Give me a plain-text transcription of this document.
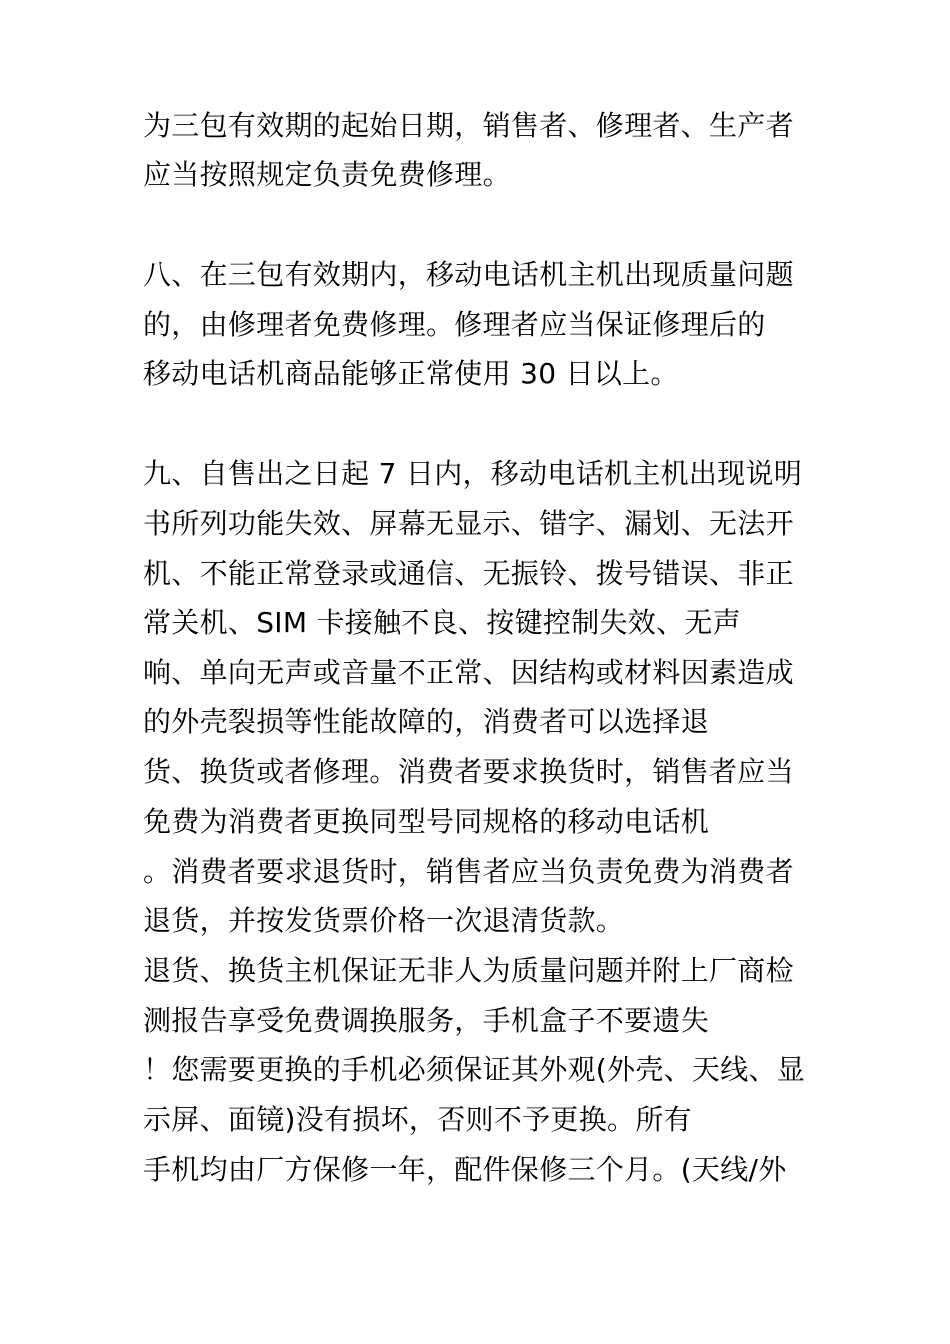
为三包有效期的起始日期，销售者、修理者、生产者
应当按照规定负责免费修理。
八、在三包有效期内，移动电话机主机出现质量问题
的，由修理者免费修理。修理者应当保证修理后的
移动电话机商品能够正常使用 30 日以上。
九、自售出之日起 7 日内，移动电话机主机出现说明
书所列功能失效、屏幕无显示、错字、漏划、无法开
机、不能正常登录或通信、无振铃、拨号错误、非正
常关机、SIM 卡接触不良、按键控制失效、无声
响、单向无声或音量不正常、因结构或材料因素造成
的外壳裂损等性能故障的，消费者可以选择退
货、换货或者修理。消费者要求换货时，销售者应当
免费为消费者更换同型号同规格的移动电话机
。消费者要求退货时，销售者应当负责免费为消费者
退货，并按发货票价格一次退清货款。
退货、换货主机保证无非人为质量问题并附上厂商检
测报告享受免费调换服务，手机盒子不要遗失
！您需要更换的手机必须保证其外观(外壳、天线、显
示屏、面镜)没有损坏，否则不予更换。所有
手机均由厂方保修一年，配件保修三个月。(天线/外
